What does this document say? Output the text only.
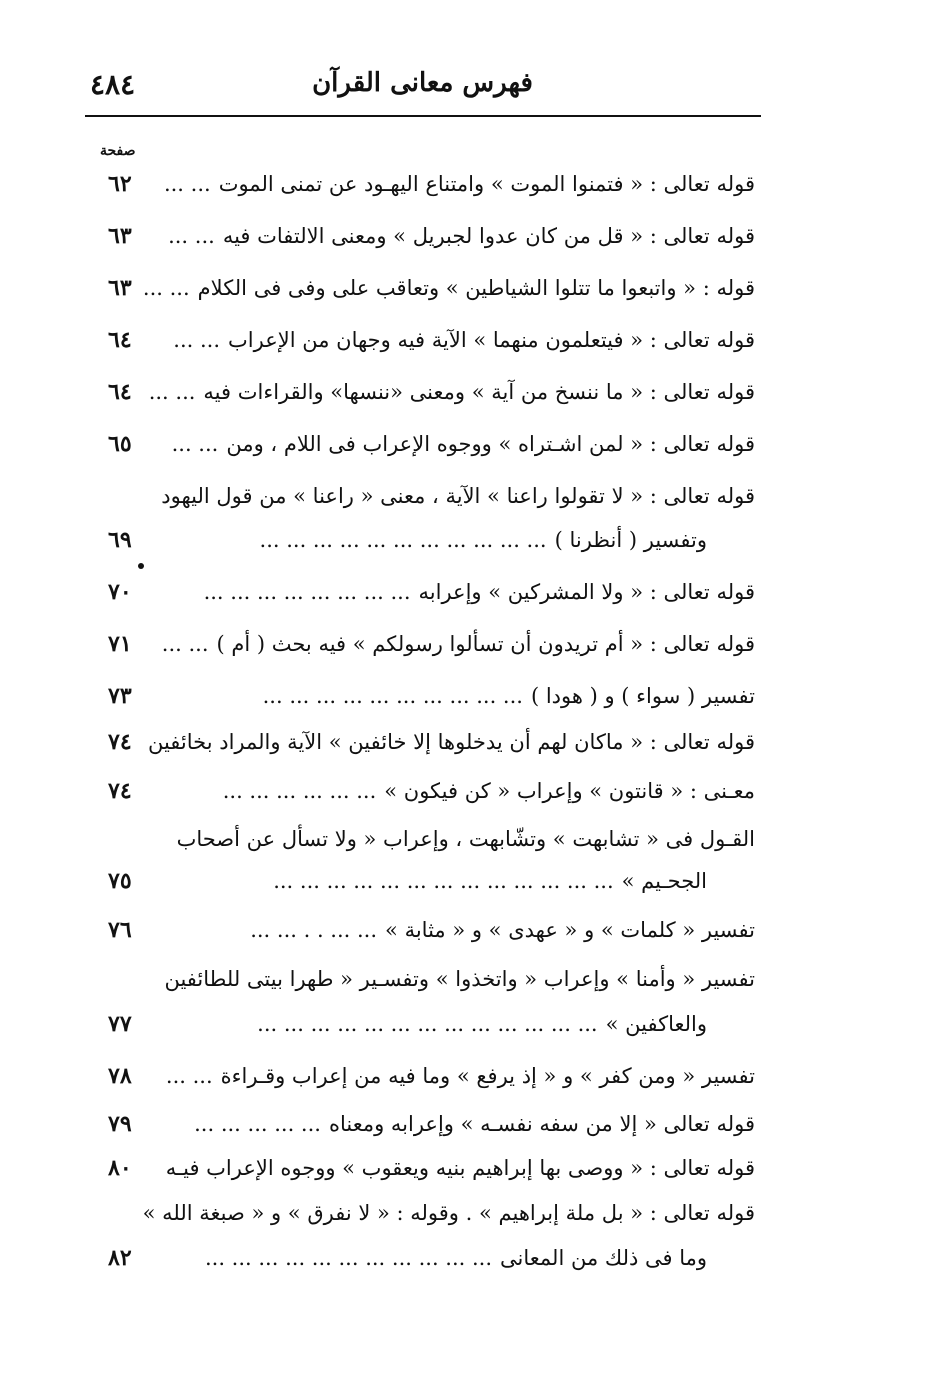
٤٨٤	فهرس معانى القرآن
صفحة
قوله تعالى : « فتمنوا الموت » وامتناع اليهـود عن تمنى الموت... ...
٦٢
قوله تعالى : « قل من كان عدوا لجبريل » ومعنى الالتفات فيه... ...
٦٣
قوله : « واتبعوا ما تتلوا الشياطين » وتعاقب على وفى فى الكلام... ...
٦٣
قوله تعالى : « فيتعلمون منهما » الآية فيه وجهان من الإعراب... ...
٦٤
قوله تعالى : « ما ننسخ من آية » ومعنى «ننسها» والقراءات فيه... ...
٦٤
قوله تعالى : « لمن اشـتراه » ووجوه الإعراب فى اللام ، ومن... ...
٦٥
قوله تعالى : « لا تقولوا راعنا » الآية ، معنى « راعنا » من قول اليهود
وتفسير ( أنظرنا )... ... ... ... ... ... ... ... ... ... ...
٦٩
قوله تعالى : « ولا المشركين » وإعرابه... ... ... ... ... ... ... ...
٧٠
قوله تعالى : « أم تريدون أن تسألوا رسولكم » فيه بحث ( أم )... ...
٧١
تفسير ( سواء ) و ( هودا )... ... ... ... ... ... ... ... ... ...
٧٣
قوله تعالى : « ماكان لهم أن يدخلوها إلا خائفين » الآية والمراد بخائفين
٧٤
معـنى : « قانتون » وإعراب « كن فيكون »... ... ... ... ... ...
٧٤
القـول فى « تشابهت » وتشّابهت ، وإعراب « ولا تسأل عن أصحاب
الجحـيم »... ... ... ... ... ... ... ... ... ... ... ... ...
٧٥
تفسير « كلمات » و « عهدى » و « مثابة »... ... . . ... ...
٧٦
تفسير « وأمنا » وإعراب « واتخذوا » وتفسـير « طهرا بيتى للطائفين
والعاكفين »... ... ... ... ... ... ... ... ... ... ... ... ...
٧٧
تفسير « ومن كفر » و « إذ يرفع » وما فيه من إعراب وقـراءة... ...
٧٨
قوله تعالى « إلا من سفه نفسـه » وإعرابه ومعناه... ... ... ... ...
٧٩
قوله تعالى : « ووصى بها إبراهيم بنيه ويعقوب » ووجوه الإعراب فيـه
٨٠
قوله تعالى : « بل ملة إبراهيم » . وقوله : « لا نفرق » و « صبغة الله »
وما فى ذلك من المعانى... ... ... ... ... ... ... ... ... ... ...
٨٢
